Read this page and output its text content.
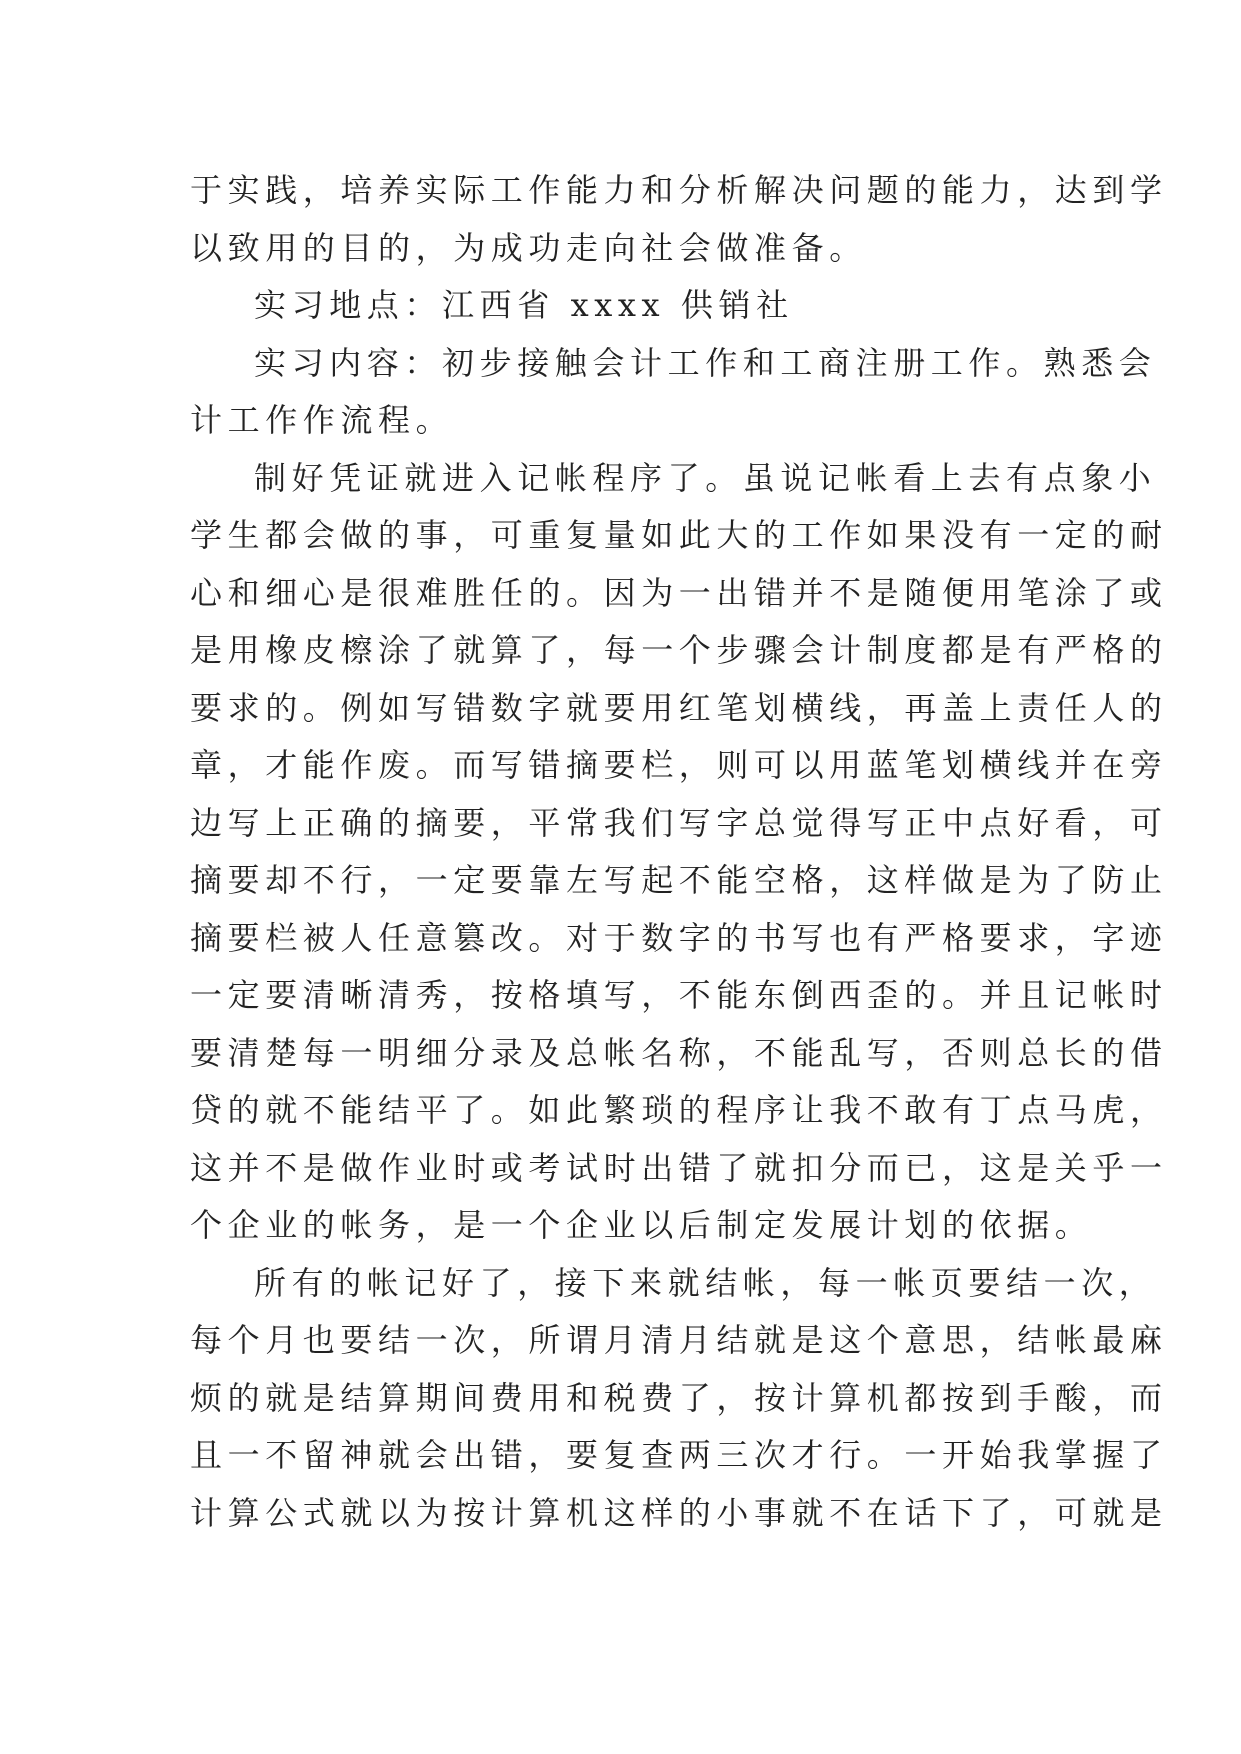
于实践，培养实际工作能力和分析解决问题的能力，达到学
以致用的目的，为成功走向社会做准备。
实习地点：江西省 xxxx 供销社
实习内容：初步接触会计工作和工商注册工作。熟悉会
计工作作流程。
制好凭证就进入记帐程序了。虽说记帐看上去有点象小
学生都会做的事，可重复量如此大的工作如果没有一定的耐
心和细心是很难胜任的。因为一出错并不是随便用笔涂了或
是用橡皮檫涂了就算了，每一个步骤会计制度都是有严格的
要求的。例如写错数字就要用红笔划横线，再盖上责任人的
章，才能作废。而写错摘要栏，则可以用蓝笔划横线并在旁
边写上正确的摘要，平常我们写字总觉得写正中点好看，可
摘要却不行，一定要靠左写起不能空格，这样做是为了防止
摘要栏被人任意篡改。对于数字的书写也有严格要求，字迹
一定要清晰清秀，按格填写，不能东倒西歪的。并且记帐时
要清楚每一明细分录及总帐名称，不能乱写，否则总长的借
贷的就不能结平了。如此繁琐的程序让我不敢有丁点马虎，
这并不是做作业时或考试时出错了就扣分而已，这是关乎一
个企业的帐务，是一个企业以后制定发展计划的依据。
所有的帐记好了，接下来就结帐，每一帐页要结一次，
每个月也要结一次，所谓月清月结就是这个意思，结帐最麻
烦的就是结算期间费用和税费了，按计算机都按到手酸，而
且一不留神就会出错，要复查两三次才行。一开始我掌握了
计算公式就以为按计算机这样的小事就不在话下了，可就是
